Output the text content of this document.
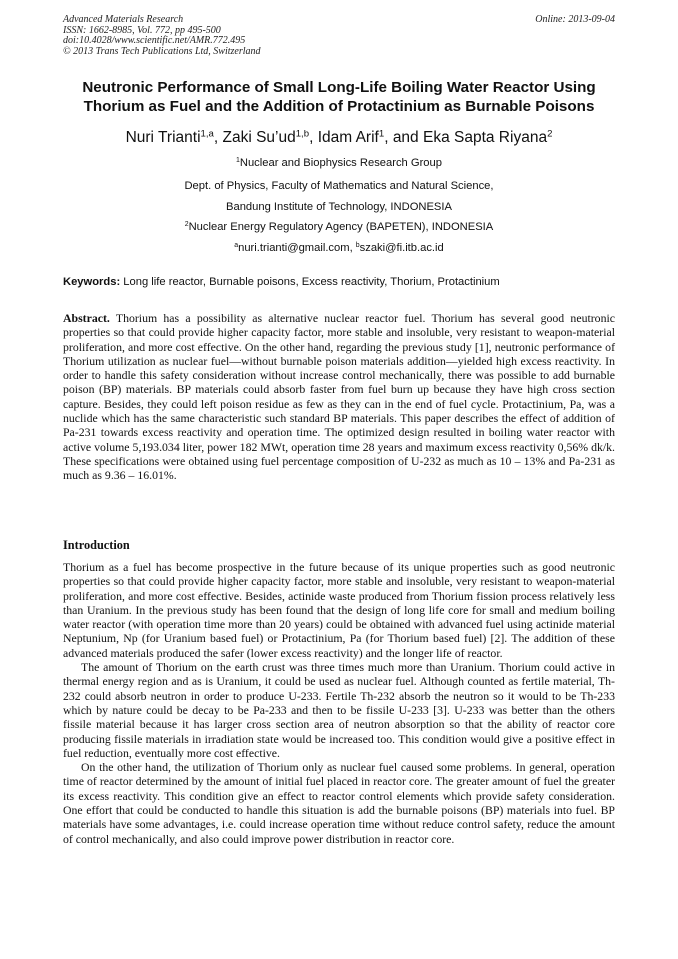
Advanced Materials Research
ISSN: 1662-8985, Vol. 772, pp 495-500
doi:10.4028/www.scientific.net/AMR.772.495
© 2013 Trans Tech Publications Ltd, Switzerland
Online: 2013-09-04
Neutronic Performance of Small Long-Life Boiling Water Reactor Using
Thorium as Fuel and the Addition of Protactinium as Burnable Poisons
Nuri Trianti$^{1,a}$, Zaki Su’ud$^{1,b}$, Idam Arif$^1$, and Eka Sapta Riyana$^2$
$^1$Nuclear and Biophysics Research Group
Dept. of Physics, Faculty of Mathematics and Natural Science,
Bandung Institute of Technology, INDONESIA
$^2$Nuclear Energy Regulatory Agency (BAPETEN), INDONESIA
$^a$nuri.trianti@gmail.com, $^b$szaki@fi.itb.ac.id
Keywords: Long life reactor, Burnable poisons, Excess reactivity, Thorium, Protactinium

Abstract. Thorium has a possibility as alternative nuclear reactor fuel. Thorium has several good neutronic properties so that could provide higher capacity factor, more stable and insoluble, very resistant to weapon-material proliferation, and more cost effective. On the other hand, regarding the previous study [1], neutronic performance of Thorium utilization as nuclear fuel—without burnable poison materials addition—yielded high excess reactivity. In order to handle this safety consideration without increase control mechanically, there was possible to add burnable poison (BP) materials. BP materials could absorb faster from fuel burn up because they have high cross section capture. Besides, they could left poison residue as few as they can in the end of fuel cycle. Protactinium, Pa, was a nuclide which has the same characteristic such standard BP materials. This paper describes the effect of addition of Pa-231 towards excess reactivity and operation time. The optimized design resulted in boiling water reactor with active volume 5,193.034 liter, power 182 MWt, operation time 28 years and maximum excess reactivity 0,56% dk/k. These specifications were obtained using fuel percentage composition of U-232 as much as 10 – 13% and Pa-231 as much as 9.36 – 16.01%.

Introduction

Thorium as a fuel has become prospective in the future because of its unique properties such as good neutronic properties so that could provide higher capacity factor, more stable and insoluble, very resistant to weapon-material proliferation, and more cost effective. Besides, actinide waste produced from Thorium fission process relatively less than Uranium. In the previous study has been found that the design of long life core for small and medium boiling water reactor (with operation time more than 20 years) could be obtained with advanced fuel using actinide material Neptunium, Np (for Uranium based fuel) or Protactinium, Pa (for Thorium based fuel) [2]. The addition of these advanced materials produced the safer (lower excess reactivity) and the longer life of reactor.

The amount of Thorium on the earth crust was three times much more than Uranium. Thorium could active in thermal energy region and as is Uranium, it could be used as nuclear fuel. Although counted as fertile material, Th-232 could absorb neutron in order to produce U-233. Fertile Th-232 absorb the neutron so it would to be Th-233 which by nature could be decay to be Pa-233 and then to be fissile U-233 [3]. U-233 was better than the others fissile material because it has larger cross section area of neutron absorption so that the ability of reactor core producing fissile materials in irradiation state would be increased too. This condition would give a positive effect in fuel reduction, eventually more cost effective.

On the other hand, the utilization of Thorium only as nuclear fuel caused some problems. In general, operation time of reactor determined by the amount of initial fuel placed in reactor core. The greater amount of fuel the greater its excess reactivity. This condition give an effect to reactor control elements which provide safety consideration. One effort that could be conducted to handle this situation is add the burnable poisons (BP) materials into fuel. BP materials have some advantages, i.e. could increase operation time without reduce control safety, reduce the amount of control mechanically, and also could improve power distribution in reactor core.
